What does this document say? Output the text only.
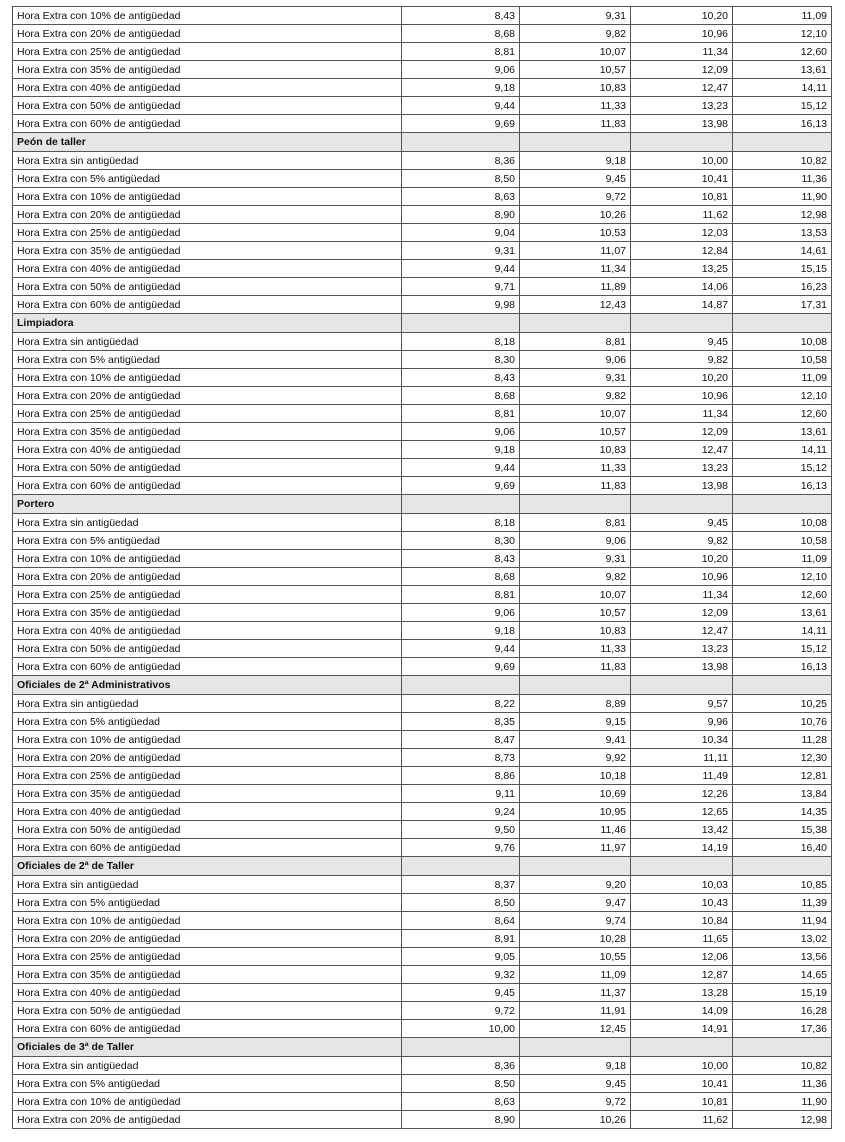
Hora Extra con 10% de antigüedad	8,43	9,31	10,20	11,09
Hora Extra con 20% de antigüedad	8,68	9,82	10,96	12,10
Hora Extra con 25% de antigüedad	8,81	10,07	11,34	12,60
Hora Extra con 35% de antigüedad	9,06	10,57	12,09	13,61
Hora Extra con 40% de antigüedad	9,18	10,83	12,47	14,11
Hora Extra con 50% de antigüedad	9,44	11,33	13,23	15,12
Hora Extra con 60% de antigüedad	9,69	11,83	13,98	16,13
Peón de taller				
Hora Extra sin antigüedad	8,36	9,18	10,00	10,82
Hora Extra con 5% antigüedad	8,50	9,45	10,41	11,36
Hora Extra con 10% de antigüedad	8,63	9,72	10,81	11,90
Hora Extra con 20% de antigüedad	8,90	10,26	11,62	12,98
Hora Extra con 25% de antigüedad	9,04	10,53	12,03	13,53
Hora Extra con 35% de antigüedad	9,31	11,07	12,84	14,61
Hora Extra con 40% de antigüedad	9,44	11,34	13,25	15,15
Hora Extra con 50% de antigüedad	9,71	11,89	14,06	16,23
Hora Extra con 60% de antigüedad	9,98	12,43	14,87	17,31
Limpiadora				
Hora Extra sin antigüedad	8,18	8,81	9,45	10,08
Hora Extra con 5% antigüedad	8,30	9,06	9,82	10,58
Hora Extra con 10% de antigüedad	8,43	9,31	10,20	11,09
Hora Extra con 20% de antigüedad	8,68	9,82	10,96	12,10
Hora Extra con 25% de antigüedad	8,81	10,07	11,34	12,60
Hora Extra con 35% de antigüedad	9,06	10,57	12,09	13,61
Hora Extra con 40% de antigüedad	9,18	10,83	12,47	14,11
Hora Extra con 50% de antigüedad	9,44	11,33	13,23	15,12
Hora Extra con 60% de antigüedad	9,69	11,83	13,98	16,13
Portero				
Hora Extra sin antigüedad	8,18	8,81	9,45	10,08
Hora Extra con 5% antigüedad	8,30	9,06	9,82	10,58
Hora Extra con 10% de antigüedad	8,43	9,31	10,20	11,09
Hora Extra con 20% de antigüedad	8,68	9,82	10,96	12,10
Hora Extra con 25% de antigüedad	8,81	10,07	11,34	12,60
Hora Extra con 35% de antigüedad	9,06	10,57	12,09	13,61
Hora Extra con 40% de antigüedad	9,18	10,83	12,47	14,11
Hora Extra con 50% de antigüedad	9,44	11,33	13,23	15,12
Hora Extra con 60% de antigüedad	9,69	11,83	13,98	16,13
Oficiales de 2ª Administrativos				
Hora Extra sin antigüedad	8,22	8,89	9,57	10,25
Hora Extra con 5% antigüedad	8,35	9,15	9,96	10,76
Hora Extra con 10% de antigüedad	8,47	9,41	10,34	11,28
Hora Extra con 20% de antigüedad	8,73	9,92	11,11	12,30
Hora Extra con 25% de antigüedad	8,86	10,18	11,49	12,81
Hora Extra con 35% de antigüedad	9,11	10,69	12,26	13,84
Hora Extra con 40% de antigüedad	9,24	10,95	12,65	14,35
Hora Extra con 50% de antigüedad	9,50	11,46	13,42	15,38
Hora Extra con 60% de antigüedad	9,76	11,97	14,19	16,40
Oficiales de 2ª de Taller				
Hora Extra sin antigüedad	8,37	9,20	10,03	10,85
Hora Extra con 5% antigüedad	8,50	9,47	10,43	11,39
Hora Extra con 10% de antigüedad	8,64	9,74	10,84	11,94
Hora Extra con 20% de antigüedad	8,91	10,28	11,65	13,02
Hora Extra con 25% de antigüedad	9,05	10,55	12,06	13,56
Hora Extra con 35% de antigüedad	9,32	11,09	12,87	14,65
Hora Extra con 40% de antigüedad	9,45	11,37	13,28	15,19
Hora Extra con 50% de antigüedad	9,72	11,91	14,09	16,28
Hora Extra con 60% de antigüedad	10,00	12,45	14,91	17,36
Oficiales de 3ª de Taller				
Hora Extra sin antigüedad	8,36	9,18	10,00	10,82
Hora Extra con 5% antigüedad	8,50	9,45	10,41	11,36
Hora Extra con 10% de antigüedad	8,63	9,72	10,81	11,90
Hora Extra con 20% de antigüedad	8,90	10,26	11,62	12,98
